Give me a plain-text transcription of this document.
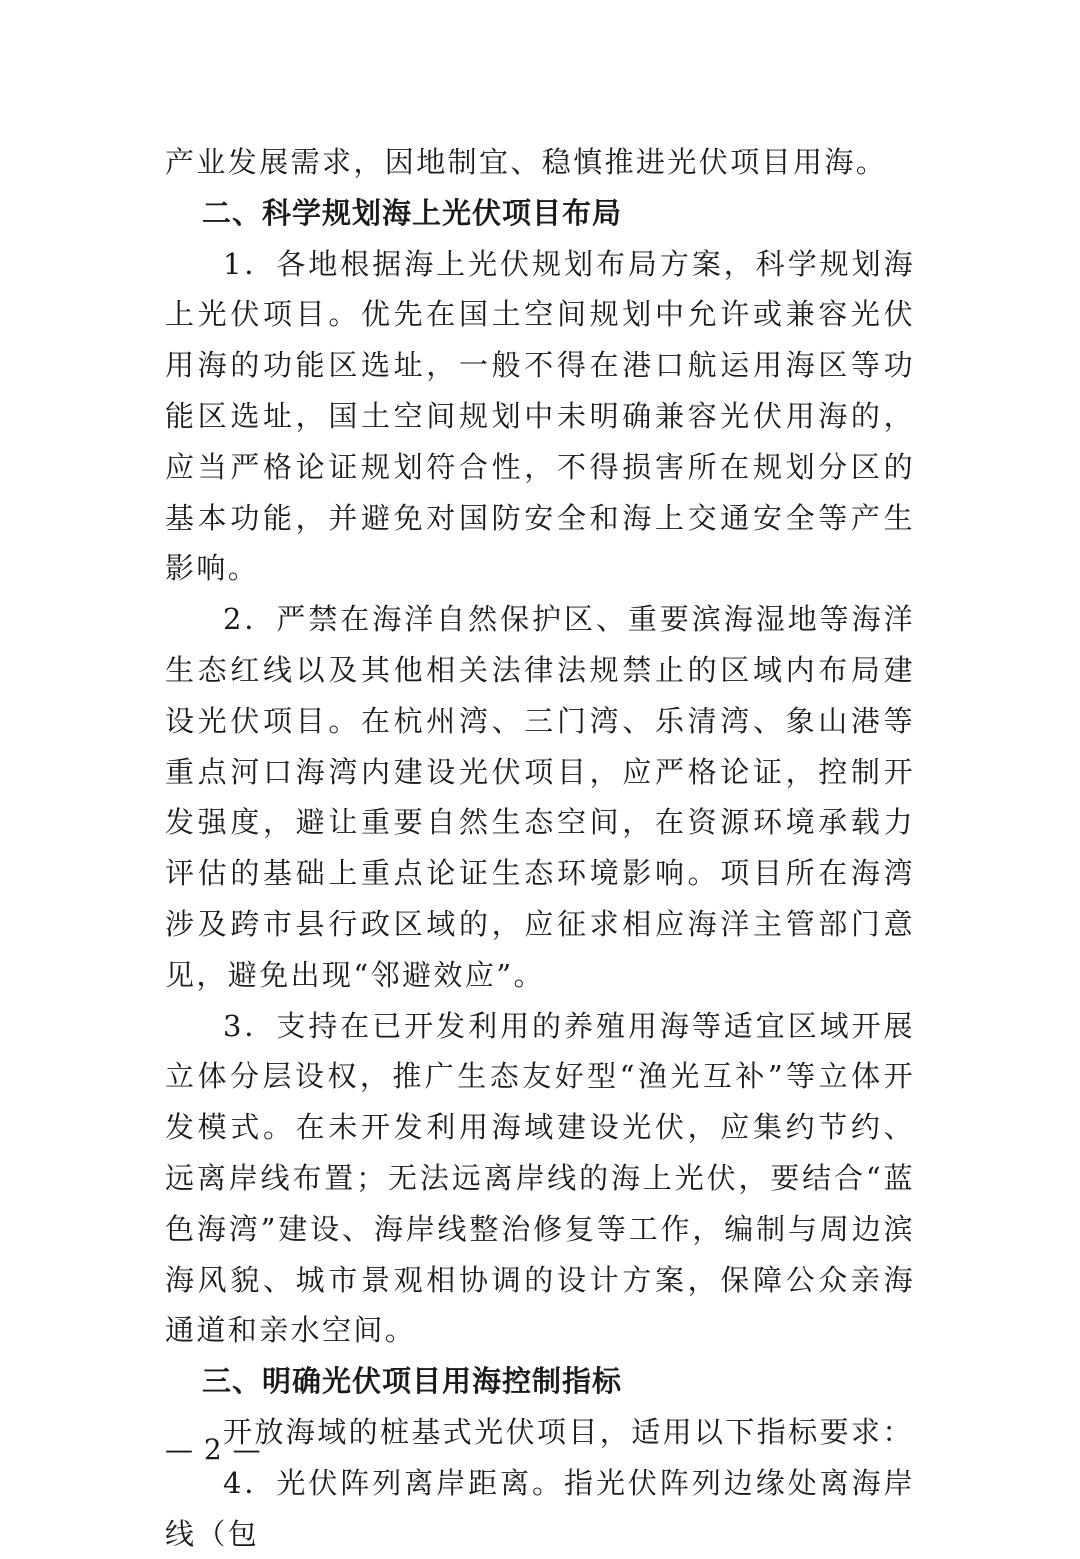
产业发展需求，因地制宜、稳慎推进光伏项目用海。

二、科学规划海上光伏项目布局

1．各地根据海上光伏规划布局方案，科学规划海上光伏项目。优先在国土空间规划中允许或兼容光伏用海的功能区选址，一般不得在港口航运用海区等功能区选址，国土空间规划中未明确兼容光伏用海的，应当严格论证规划符合性，不得损害所在规划分区的基本功能，并避免对国防安全和海上交通安全等产生影响。

2．严禁在海洋自然保护区、重要滨海湿地等海洋生态红线以及其他相关法律法规禁止的区域内布局建设光伏项目。在杭州湾、三门湾、乐清湾、象山港等重点河口海湾内建设光伏项目，应严格论证，控制开发强度，避让重要自然生态空间，在资源环境承载力评估的基础上重点论证生态环境影响。项目所在海湾涉及跨市县行政区域的，应征求相应海洋主管部门意见，避免出现“邻避效应”。

3．支持在已开发利用的养殖用海等适宜区域开展立体分层设权，推广生态友好型“渔光互补”等立体开发模式。在未开发利用海域建设光伏，应集约节约、远离岸线布置；无法远离岸线的海上光伏，要结合“蓝色海湾”建设、海岸线整治修复等工作，编制与周边滨海风貌、城市景观相协调的设计方案，保障公众亲海通道和亲水空间。

三、明确光伏项目用海控制指标

开放海域的桩基式光伏项目，适用以下指标要求：

4．光伏阵列离岸距离。指光伏阵列边缘处离海岸线（包

— 2 —
